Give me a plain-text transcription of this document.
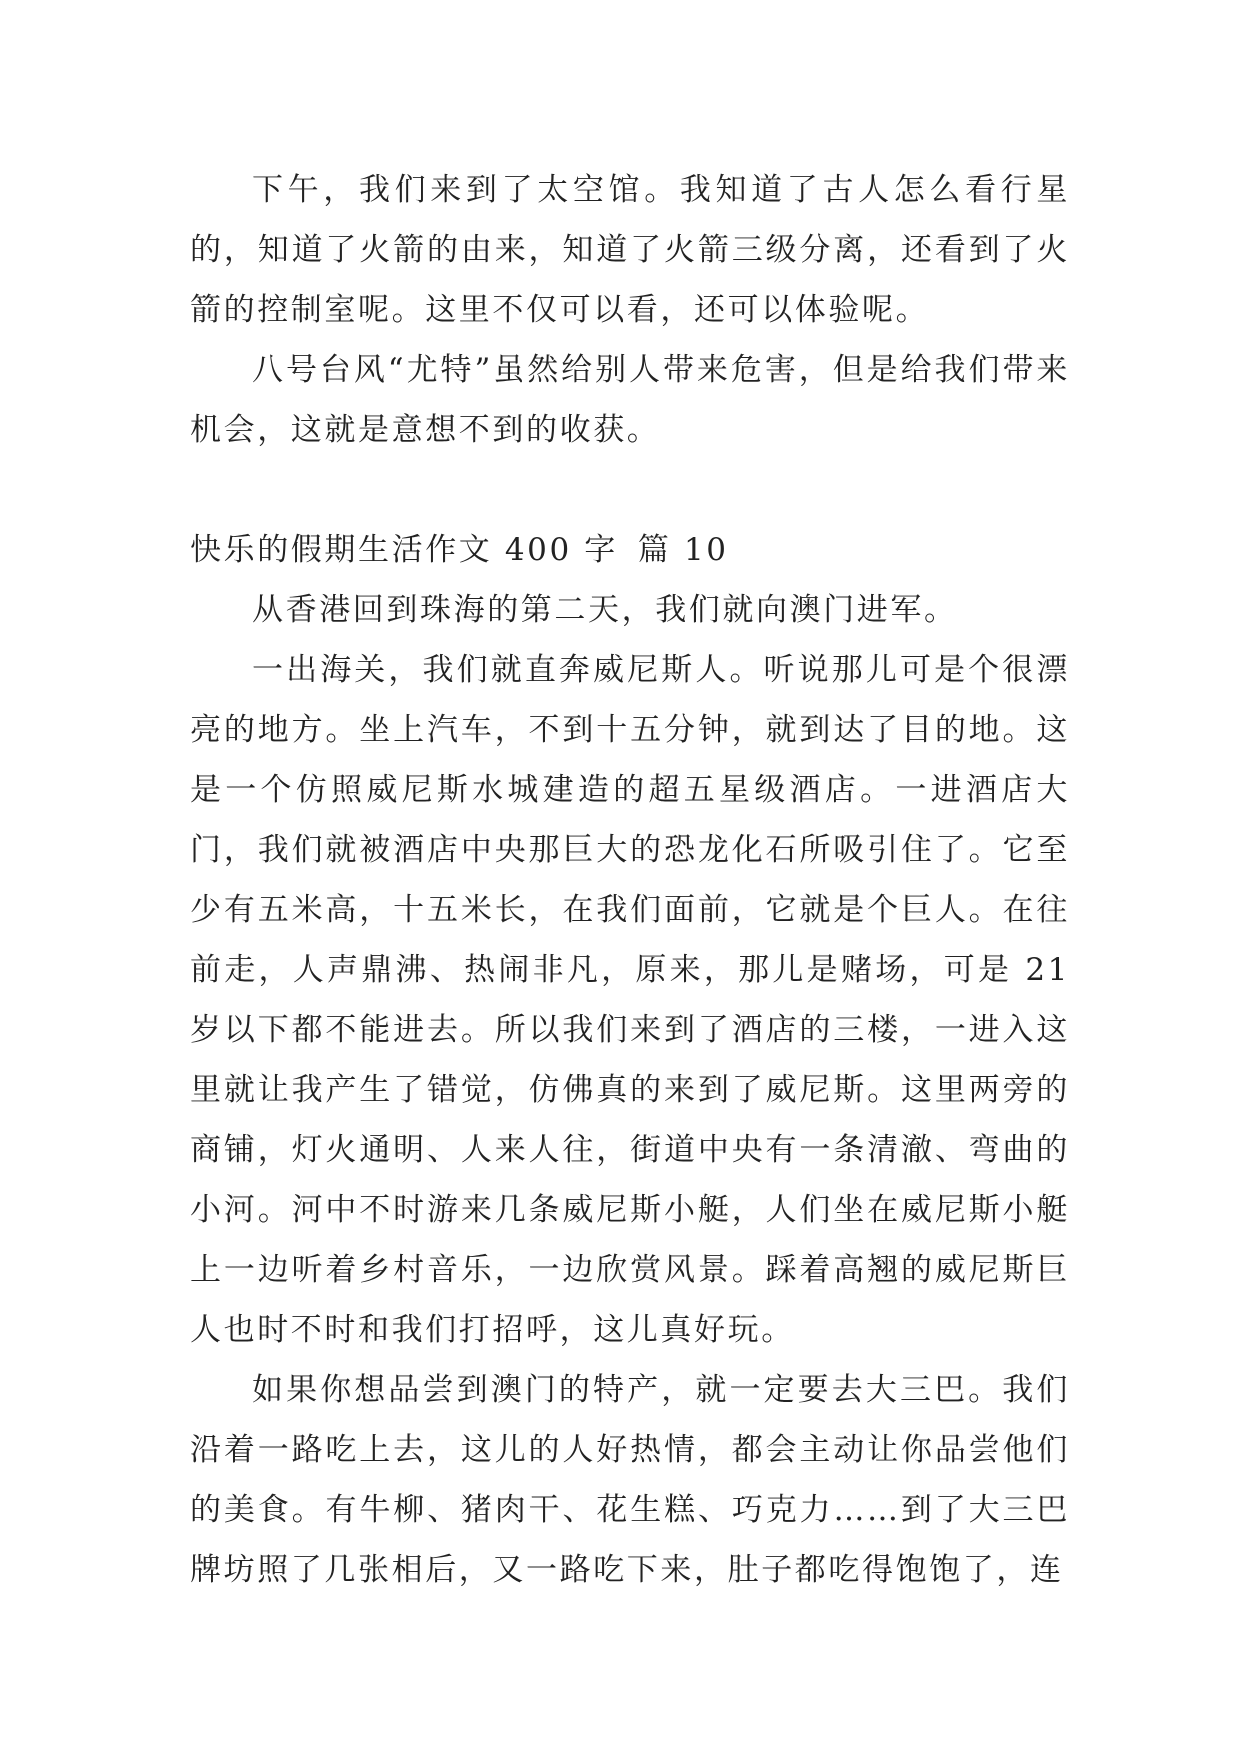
下午，我们来到了太空馆。我知道了古人怎么看行星的，知道了火箭的由来，知道了火箭三级分离，还看到了火箭的控制室呢。这里不仅可以看，还可以体验呢。

八号台风“尤特”虽然给别人带来危害，但是给我们带来机会，这就是意想不到的收获。

快乐的假期生活作文 400 字 篇 10

从香港回到珠海的第二天，我们就向澳门进军。

一出海关，我们就直奔威尼斯人。听说那儿可是个很漂亮的地方。坐上汽车，不到十五分钟，就到达了目的地。这是一个仿照威尼斯水城建造的超五星级酒店。一进酒店大门，我们就被酒店中央那巨大的恐龙化石所吸引住了。它至少有五米高，十五米长，在我们面前，它就是个巨人。在往前走，人声鼎沸、热闹非凡，原来，那儿是赌场，可是 21 岁以下都不能进去。所以我们来到了酒店的三楼，一进入这里就让我产生了错觉，仿佛真的来到了威尼斯。这里两旁的商铺，灯火通明、人来人往，街道中央有一条清澈、弯曲的小河。河中不时游来几条威尼斯小艇，人们坐在威尼斯小艇上一边听着乡村音乐，一边欣赏风景。踩着高翘的威尼斯巨人也时不时和我们打招呼，这儿真好玩。

如果你想品尝到澳门的特产，就一定要去大三巴。我们沿着一路吃上去，这儿的人好热情，都会主动让你品尝他们的美食。有牛柳、猪肉干、花生糕、巧克力……到了大三巴牌坊照了几张相后，又一路吃下来，肚子都吃得饱饱了，连
